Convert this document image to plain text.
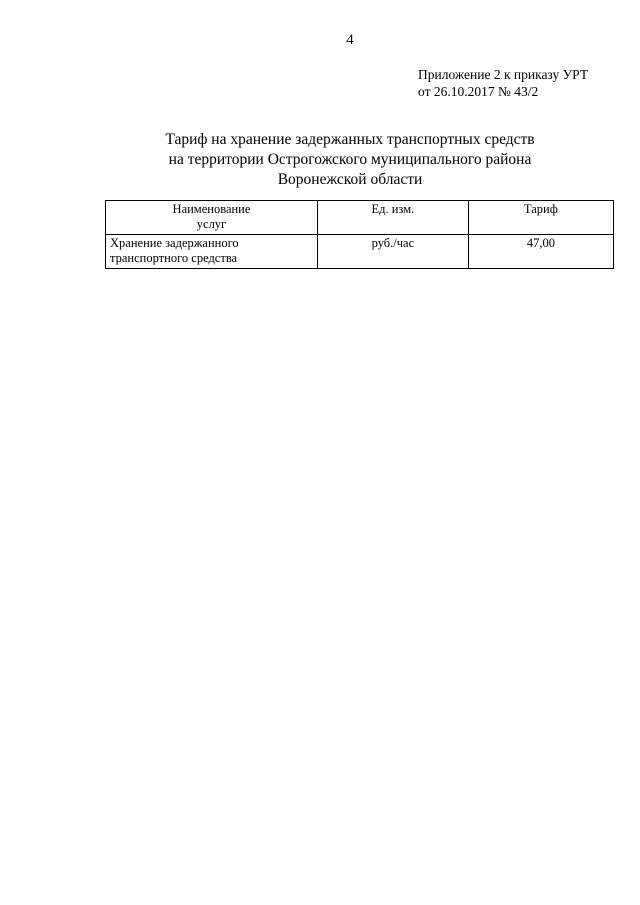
4
Приложение 2 к приказу УРТ
от 26.10.2017 № 43/2
Тариф на хранение задержанных транспортных средств
на территории Острогожского муниципального района
Воронежской области
Наименование
услуг	Ед. изм.	Тариф

Хранение задержанного
транспортного средства	руб./час	47,00
